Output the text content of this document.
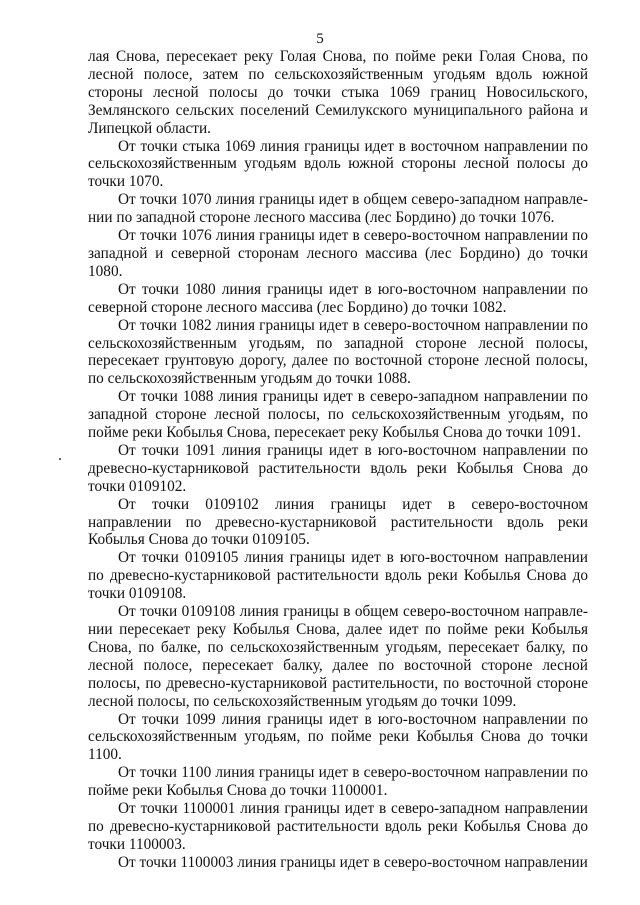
5

лая Снова, пересекает реку Голая Снова, по пойме реки Голая Снова, по лесной полосе, затем по сельскохозяйственным угодьям вдоль южной стороны лесной полосы до точки стыка 1069 границ Новосильского, Землянского сельских поселений Семилукского муниципального района и Липецкой области.

От точки стыка 1069 линия границы идет в восточном направлении по сельскохозяйственным угодьям вдоль южной стороны лесной полосы до точки 1070.

От точки 1070 линия границы идет в общем северо-западном направлении по западной стороне лесного массива (лес Бордино) до точки 1076.

От точки 1076 линия границы идет в северо-восточном направлении по западной и северной сторонам лесного массива (лес Бордино) до точки 1080.

От точки 1080 линия границы идет в юго-восточном направлении по северной стороне лесного массива (лес Бордино) до точки 1082.

От точки 1082 линия границы идет в северо-восточном направлении по сельскохозяйственным угодьям, по западной стороне лесной полосы, пересекает грунтовую дорогу, далее по восточной стороне лесной полосы, по сельскохозяйственным угодьям до точки 1088.

От точки 1088 линия границы идет в северо-западном направлении по западной стороне лесной полосы, по сельскохозяйственным угодьям, по пойме реки Кобылья Снова, пересекает реку Кобылья Снова до точки 1091.

От точки 1091 линия границы идет в юго-восточном направлении по древесно-кустарниковой растительности вдоль реки Кобылья Снова до точки 0109102.

От точки 0109102 линия границы идет в северо-восточном направлении по древесно-кустарниковой растительности вдоль реки Кобылья Снова до точки 0109105.

От точки 0109105 линия границы идет в юго-восточном направлении по древесно-кустарниковой растительности вдоль реки Кобылья Снова до точки 0109108.

От точки 0109108 линия границы в общем северо-восточном направлении пересекает реку Кобылья Снова, далее идет по пойме реки Кобылья Снова, по балке, по сельскохозяйственным угодьям, пересекает балку, по лесной полосе, пересекает балку, далее по восточной стороне лесной полосы, по древесно-кустарниковой растительности, по восточной стороне лесной полосы, по сельскохозяйственным угодьям до точки 1099.

От точки 1099 линия границы идет в юго-восточном направлении по сельскохозяйственным угодьям, по пойме реки Кобылья Снова до точки 1100.

От точки 1100 линия границы идет в северо-восточном направлении по пойме реки Кобылья Снова до точки 1100001.

От точки 1100001 линия границы идет в северо-западном направлении по древесно-кустарниковой растительности вдоль реки Кобылья Снова до точки 1100003.

От точки 1100003 линия границы идет в северо-восточном направлении
